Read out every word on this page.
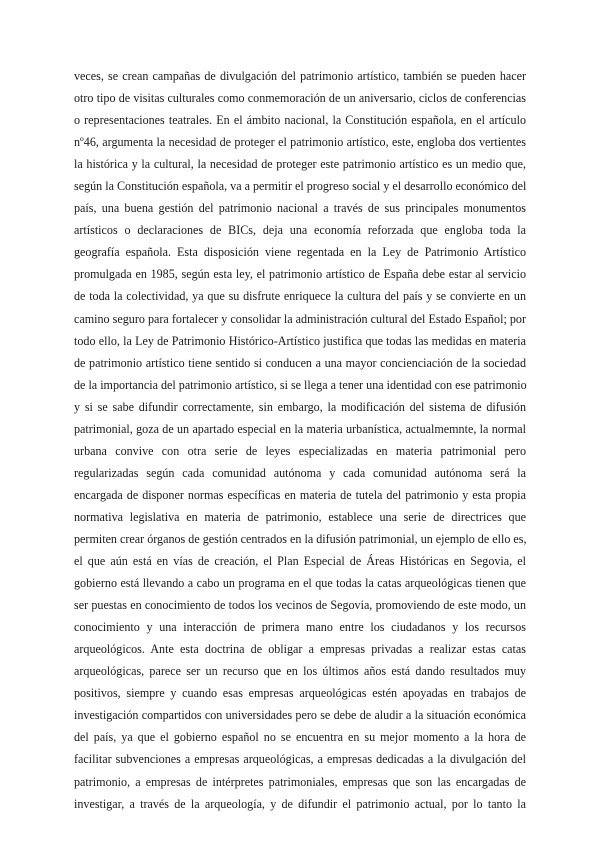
veces, se crean campañas de divulgación del patrimonio artístico, también se pueden hacer
otro tipo de visitas culturales como conmemoración de un aniversario, ciclos de conferencias
o representaciones teatrales. En el ámbito nacional, la Constitución española, en el artículo
nº46, argumenta la necesidad de proteger el patrimonio artístico, este, engloba dos vertientes
la histórica y la cultural, la necesidad de proteger este patrimonio artístico es un medio que,
según la Constitución española, va a permitir el progreso social y el desarrollo económico del
país, una buena gestión del patrimonio nacional a través de sus principales monumentos
artísticos o declaraciones de BICs, deja una economía reforzada que engloba toda la
geografía española. Esta disposición viene regentada en la Ley de Patrimonio Artístico
promulgada en 1985, según esta ley, el patrimonio artístico de España debe estar al servicio
de toda la colectividad, ya que su disfrute enriquece la cultura del país y se convierte en un
camino seguro para fortalecer y consolidar la administración cultural del Estado Español; por
todo ello, la Ley de Patrimonio Histórico-Artístico justifica que todas las medidas en materia
de patrimonio artístico tiene sentido si conducen a una mayor concienciación de la sociedad
de la importancia del patrimonio artístico, si se llega a tener una identidad con ese patrimonio
y si se sabe difundir correctamente, sin embargo, la modificación del sistema de difusión
patrimonial, goza de un apartado especial en la materia urbanística, actualmemnte, la normal
urbana convive con otra serie de leyes especializadas en materia patrimonial pero
regularizadas según cada comunidad autónoma y cada comunidad autónoma será la
encargada de disponer normas específicas en materia de tutela del patrimonio y esta propia
normativa legislativa en materia de patrimonio, establece una serie de directrices que
permiten crear órganos de gestión centrados en la difusión patrimonial, un ejemplo de ello es,
el que aún está en vías de creación, el Plan Especial de Áreas Históricas en Segovia, el
gobierno está llevando a cabo un programa en el que todas la catas arqueológicas tienen que
ser puestas en conocimiento de todos los vecinos de Segovia, promoviendo de este modo, un
conocimiento y una interacción de primera mano entre los ciudadanos y los recursos
arqueológicos. Ante esta doctrina de obligar a empresas privadas a realizar estas catas
arqueológicas, parece ser un recurso que en los últimos años está dando resultados muy
positivos, siempre y cuando esas empresas arqueológicas estén apoyadas en trabajos de
investigación compartidos con universidades pero se debe de aludir a la situación económica
del país, ya que el gobierno español no se encuentra en su mejor momento a la hora de
facilitar subvenciones a empresas arqueológicas, a empresas dedicadas a la divulgación del
patrimonio, a empresas de intérpretes patrimoniales, empresas que son las encargadas de
investigar, a través de la arqueología, y de difundir el patrimonio actual, por lo tanto la
